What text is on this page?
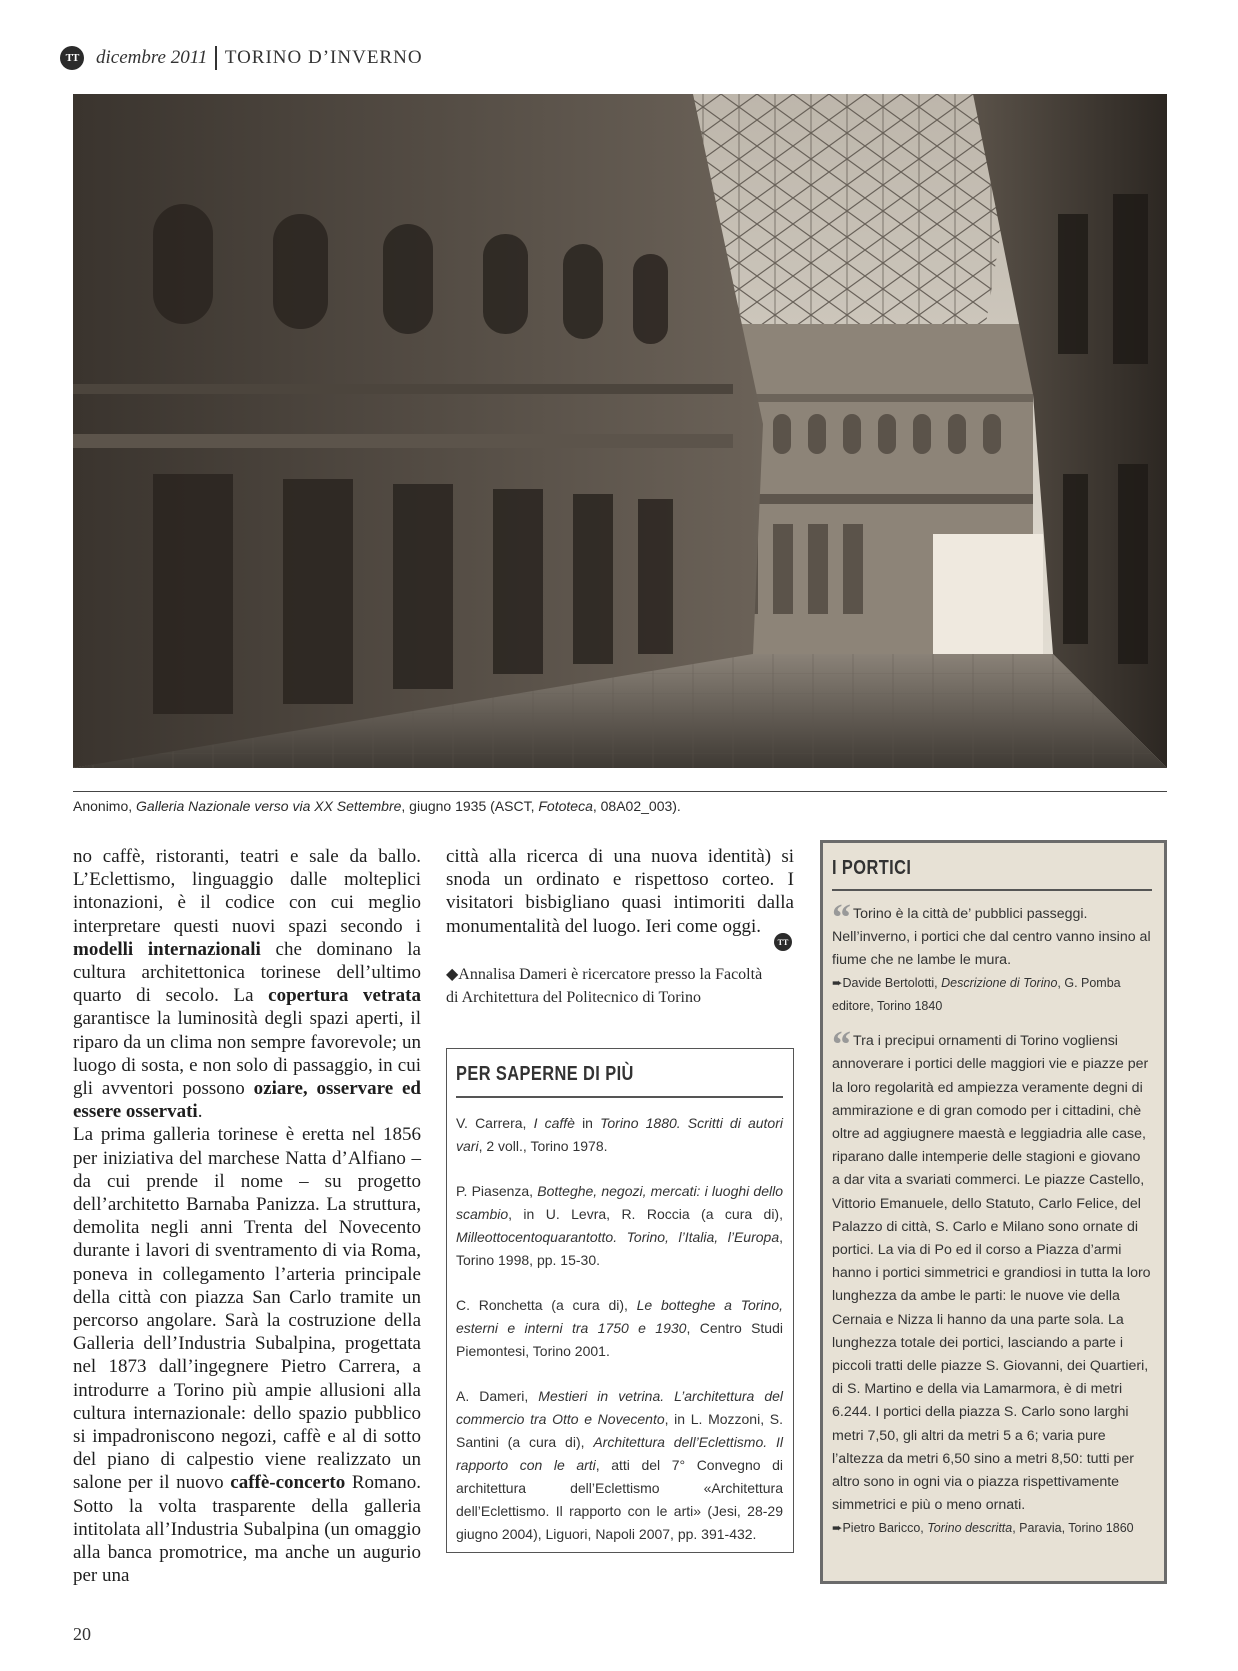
TT dicembre 2011 TORINO D’INVERNO
Anonimo, Galleria Nazionale verso via XX Settembre, giugno 1935 (ASCT, Fototeca, 08A02_003).

no caffè, ristoranti, teatri e sale da ballo. L’Eclettismo, linguaggio dalle molteplici intonazioni, è il codice con cui meglio interpretare questi nuovi spazi secondo i modelli internazionali che dominano la cultura architettonica torinese dell’ultimo quarto di secolo. La copertura vetrata garantisce la luminosità degli spazi aperti, il riparo da un clima non sempre favorevole; un luogo di sosta, e non solo di passaggio, in cui gli avventori possono oziare, osservare ed essere osservati.

La prima galleria torinese è eretta nel 1856 per iniziativa del marchese Natta d’Alfiano – da cui prende il nome – su progetto dell’architetto Barnaba Panizza. La struttura, demolita negli anni Trenta del Novecento durante i lavori di sventramento di via Roma, poneva in collegamento l’arteria principale della città con piazza San Carlo tramite un percorso angolare. Sarà la costruzione della Galleria dell’Industria Subalpina, progettata nel 1873 dall’ingegnere Pietro Carrera, a introdurre a Torino più ampie allusioni alla cultura internazionale: dello spazio pubblico si impadroniscono negozi, caffè e al di sotto del piano di calpestio viene realizzato un salone per il nuovo caffè-concerto Romano. Sotto la volta trasparente della galleria intitolata all’Industria Subalpina (un omaggio alla banca promotrice, ma anche un augurio per una

città alla ricerca di una nuova identità) si snoda un ordinato e rispettoso corteo. I visitatori bisbigliano quasi intimoriti dalla monumentalità del luogo. Ieri come oggi.

TT
◆Annalisa Dameri è ricercatore presso la Facoltà di Architettura del Politecnico di Torino
PER SAPERNE DI PIÙ
V. Carrera, I caffè in Torino 1880. Scritti di autori vari, 2 voll., Torino 1978.
P. Piasenza, Botteghe, negozi, mercati: i luoghi dello scambio, in U. Levra, R. Roccia (a cura di), Milleottocentoquarantotto. Torino, l’Italia, l’Europa, Torino 1998, pp. 15-30.
C. Ronchetta (a cura di), Le botteghe a Torino, esterni e interni tra 1750 e 1930, Centro Studi Piemontesi, Torino 2001.
A. Dameri, Mestieri in vetrina. L’architettura del commercio tra Otto e Novecento, in L. Mozzoni, S. Santini (a cura di), Architettura dell’Eclettismo. Il rapporto con le arti, atti del 7° Convegno di architettura dell’Eclettismo «Architettura dell’Eclettismo. Il rapporto con le arti» (Jesi, 28-29 giugno 2004), Liguori, Napoli 2007, pp. 391-432.
I PORTICI
“ Torino è la città de’ pubblici passeggi. Nell’inverno, i portici che dal centro vanno insino al fiume che ne lambe le mura.
➨Davide Bertolotti, Descrizione di Torino, G. Pomba editore, Torino 1840
“ Tra i precipui ornamenti di Torino vogliensi annoverare i portici delle maggiori vie e piazze per la loro regolarità ed ampiezza veramente degni di ammirazione e di gran comodo per i cittadini, chè oltre ad aggiugnere maestà e leggiadria alle case, riparano dalle intemperie delle stagioni e giovano a dar vita a svariati commerci. Le piazze Castello, Vittorio Emanuele, dello Statuto, Carlo Felice, del Palazzo di città, S. Carlo e Milano sono ornate di portici. La via di Po ed il corso a Piazza d’armi hanno i portici simmetrici e grandiosi in tutta la loro lunghezza da ambe le parti: le nuove vie della Cernaia e Nizza li hanno da una parte sola. La lunghezza totale dei portici, lasciando a parte i piccoli tratti delle piazze S. Giovanni, dei Quartieri, di S. Martino e della via Lamarmora, è di metri 6.244. I portici della piazza S. Carlo sono larghi metri 7,50, gli altri da metri 5 a 6; varia pure l’altezza da metri 6,50 sino a metri 8,50: tutti per altro sono in ogni via o piazza rispettivamente simmetrici e più o meno ornati.
➨Pietro Baricco, Torino descritta, Paravia, Torino 1860
20
